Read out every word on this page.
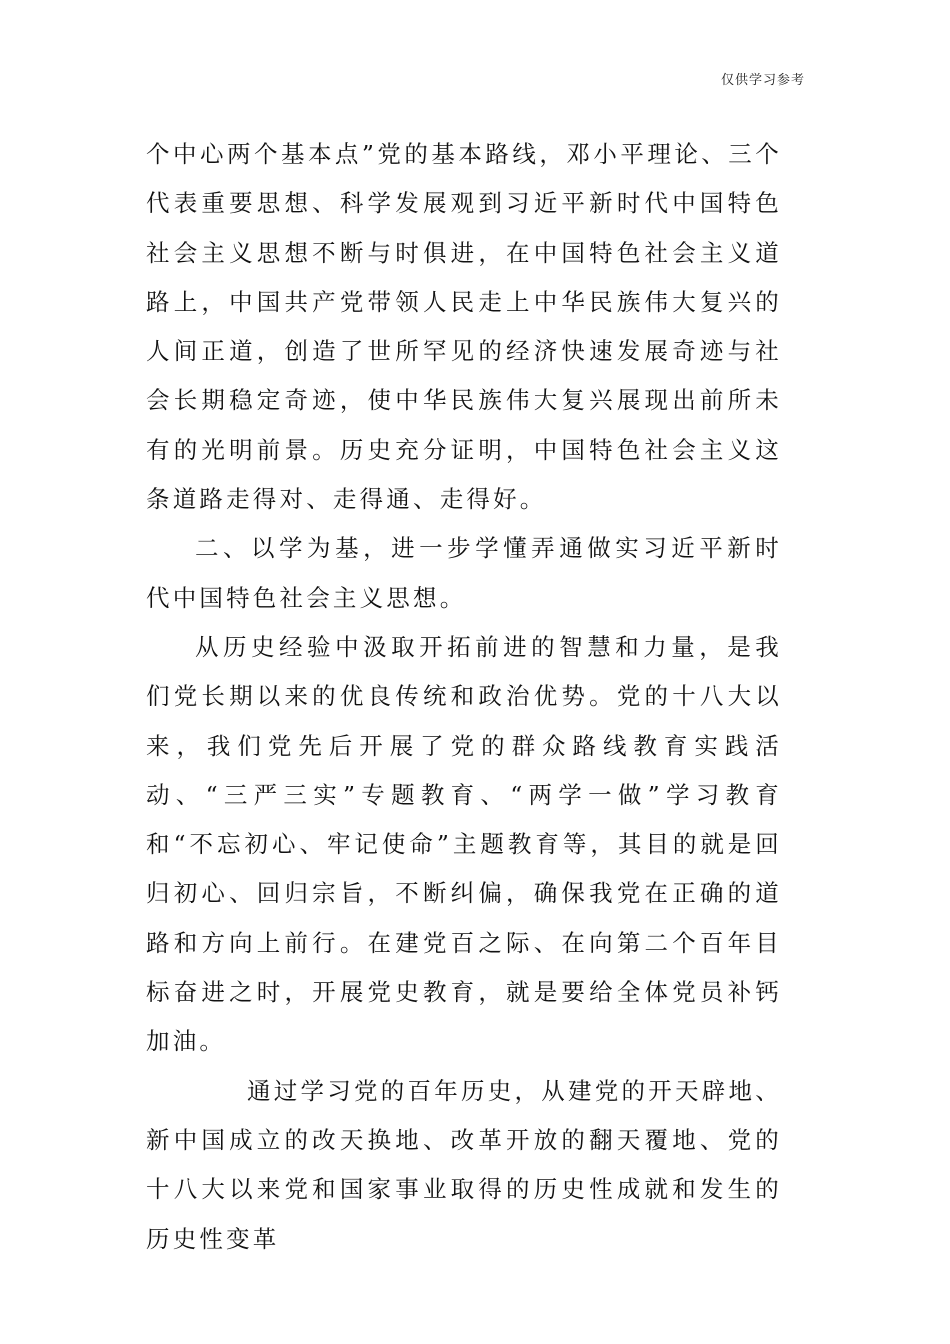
仅供学习参考

个中心两个基本点”党的基本路线，邓小平理论、三个代表重要思想、科学发展观到习近平新时代中国特色社会主义思想不断与时俱进，在中国特色社会主义道路上，中国共产党带领人民走上中华民族伟大复兴的人间正道，创造了世所罕见的经济快速发展奇迹与社会长期稳定奇迹，使中华民族伟大复兴展现出前所未有的光明前景。历史充分证明，中国特色社会主义这条道路走得对、走得通、走得好。

二、以学为基，进一步学懂弄通做实习近平新时代中国特色社会主义思想。

从历史经验中汲取开拓前进的智慧和力量，是我们党长期以来的优良传统和政治优势。党的十八大以来，我们党先后开展了党的群众路线教育实践活动、“三严三实”专题教育、“两学一做”学习教育和“不忘初心、牢记使命”主题教育等，其目的就是回归初心、回归宗旨，不断纠偏，确保我党在正确的道路和方向上前行。在建党百之际、在向第二个百年目标奋进之时，开展党史教育，就是要给全体党员补钙加油。

通过学习党的百年历史，从建党的开天辟地、新中国成立的改天换地、改革开放的翻天覆地、党的十八大以来党和国家事业取得的历史性成就和发生的历史性变革
